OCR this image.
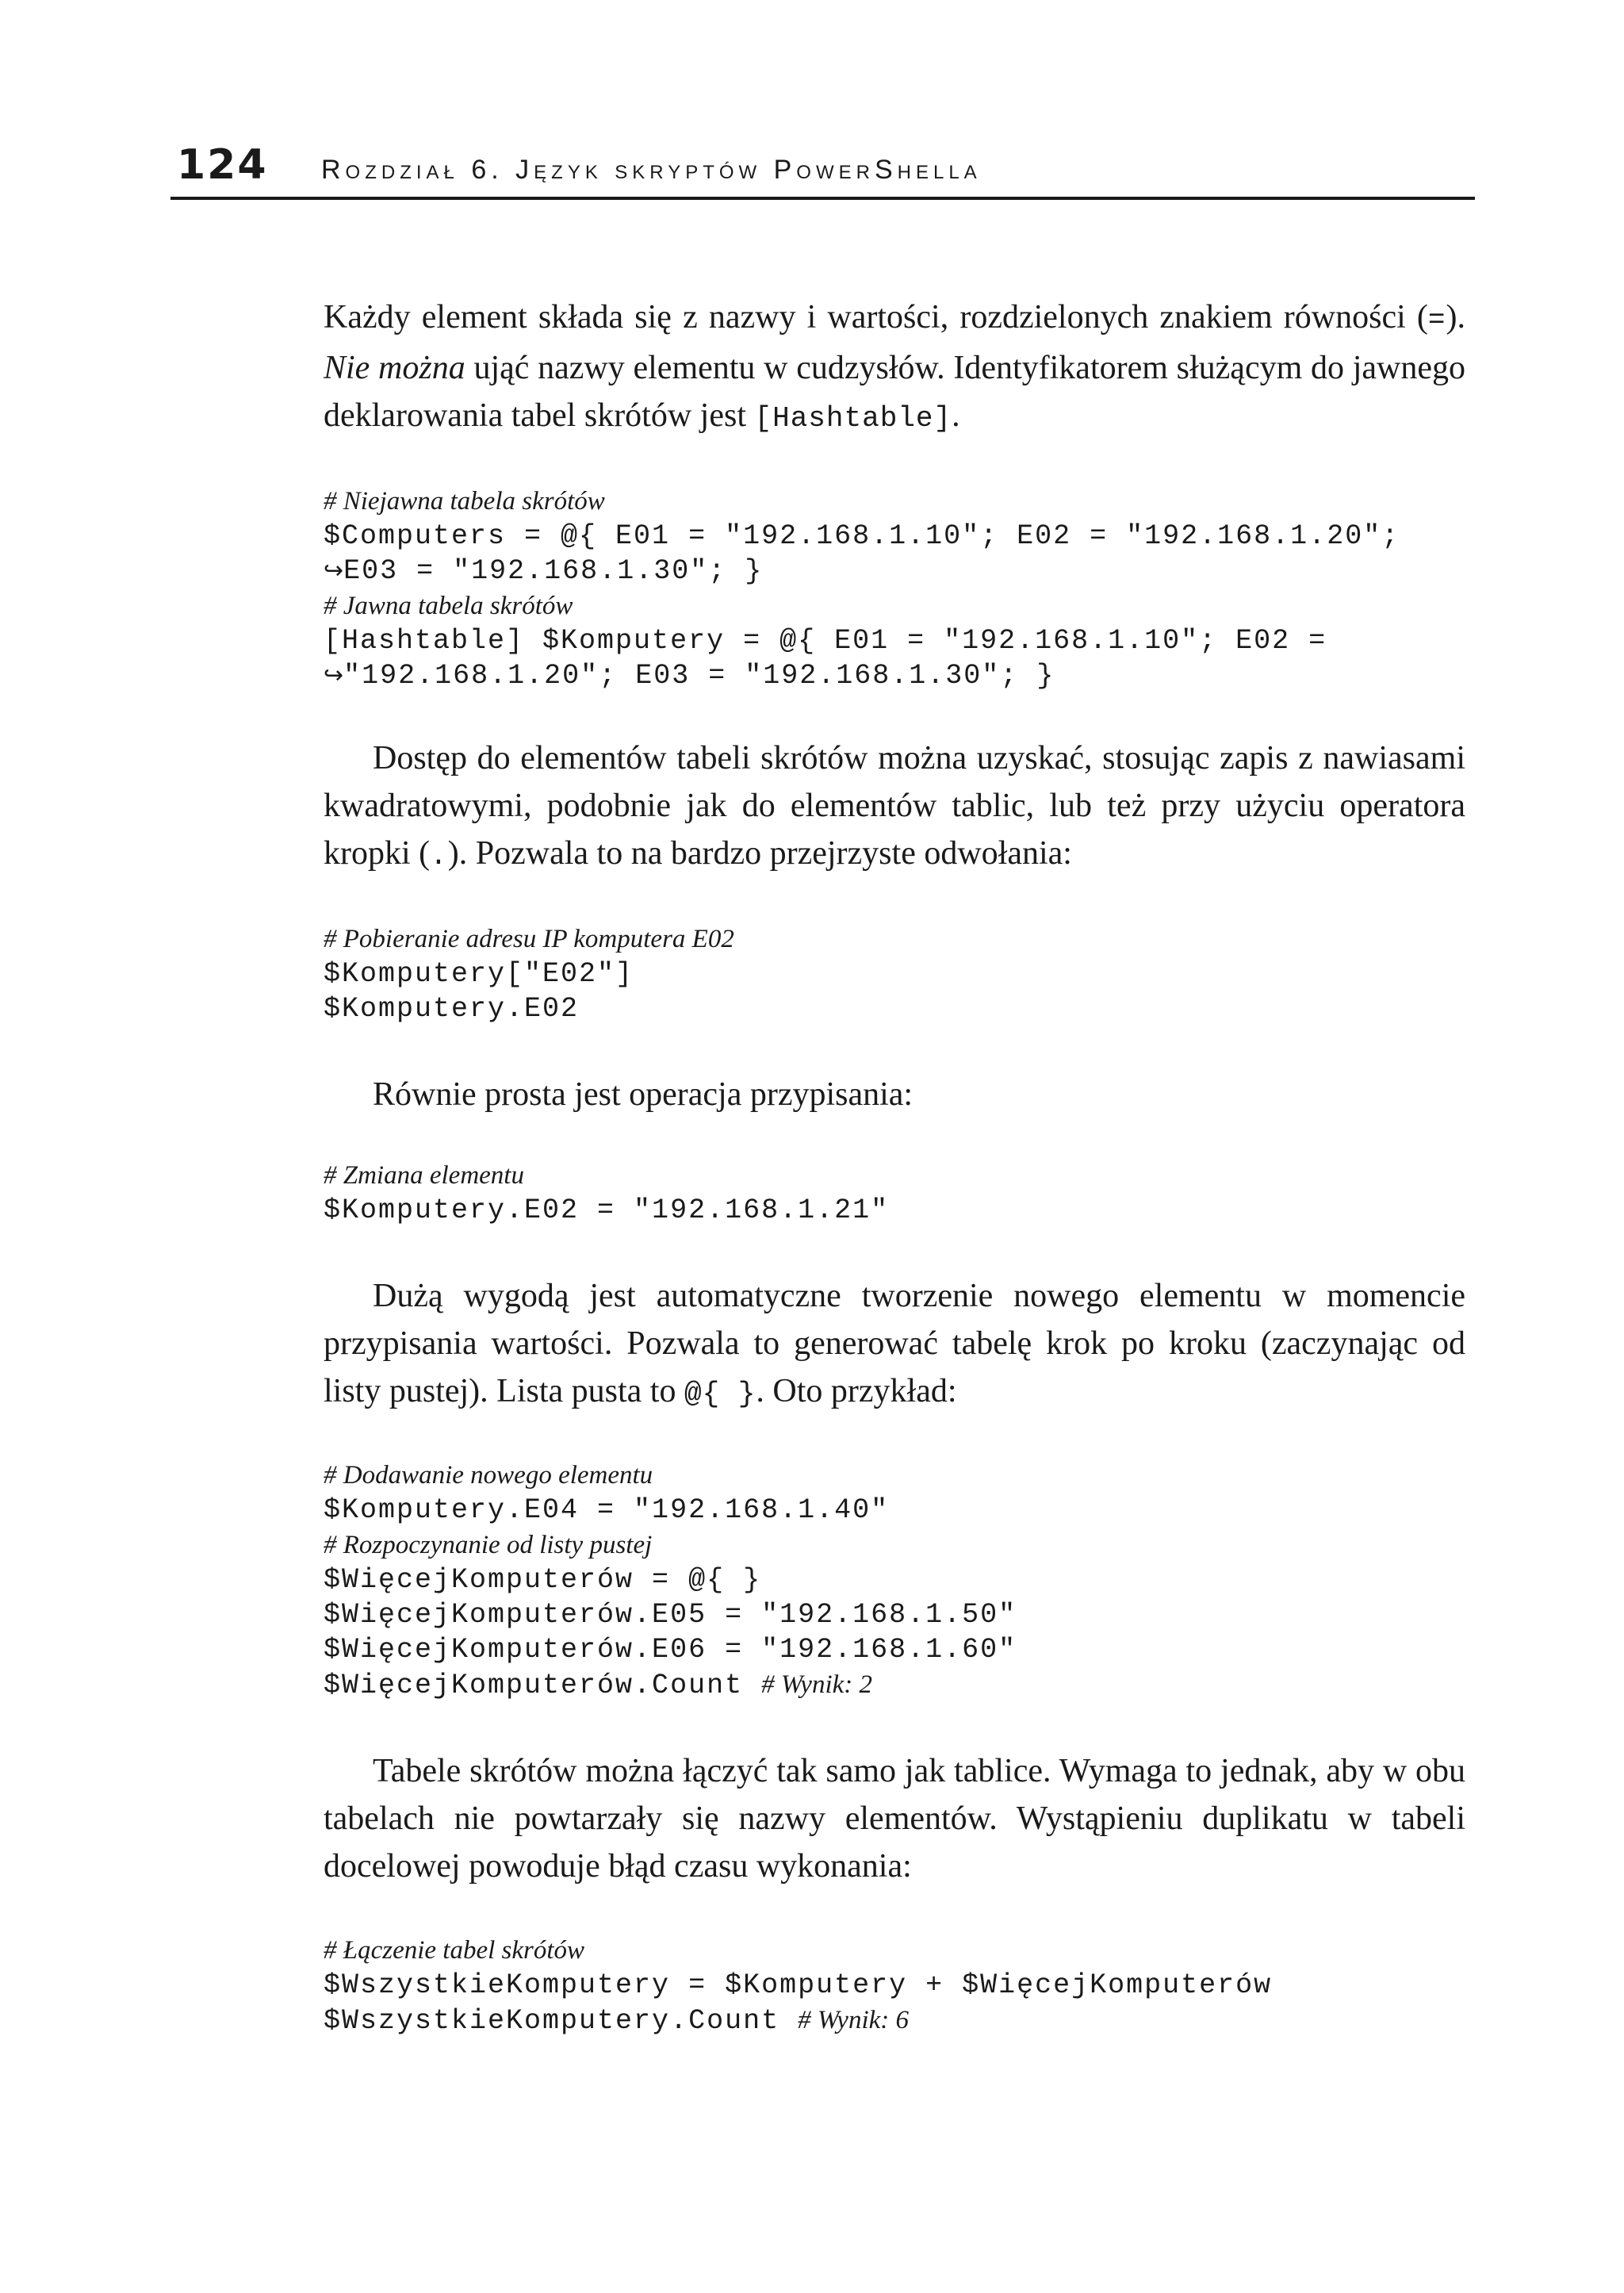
124 Rozdział 6. Język skryptów PowerShella

Każdy element składa się z nazwy i wartości, rozdzielonych znakiem równości (=). Nie można ująć nazwy elementu w cudzysłów. Identyfikatorem służącym do jawnego deklarowania tabel skrótów jest [Hashtable].

# Niejawna tabela skrótów
$Computers = @{ E01 = "192.168.1.10"; E02 = "192.168.1.20";
↪E03 = "192.168.1.30"; }
# Jawna tabela skrótów
[Hashtable] $Komputery = @{ E01 = "192.168.1.10"; E02 =
↪"192.168.1.20"; E03 = "192.168.1.30"; }

Dostęp do elementów tabeli skrótów można uzyskać, stosując zapis z nawiasami kwadratowymi, podobnie jak do elementów tablic, lub też przy użyciu operatora kropki (.). Pozwala to na bardzo przejrzyste odwołania:

# Pobieranie adresu IP komputera E02
$Komputery["E02"]
$Komputery.E02

Równie prosta jest operacja przypisania:

# Zmiana elementu
$Komputery.E02 = "192.168.1.21"

Dużą wygodą jest automatyczne tworzenie nowego elementu w momencie przypisania wartości. Pozwala to generować tabelę krok po kroku (zaczynając od listy pustej). Lista pusta to @{ }. Oto przykład:

# Dodawanie nowego elementu
$Komputery.E04 = "192.168.1.40"
# Rozpoczynanie od listy pustej
$WięcejKomputerów = @{ }
$WięcejKomputerów.E05 = "192.168.1.50"
$WięcejKomputerów.E06 = "192.168.1.60"
$WięcejKomputerów.Count # Wynik: 2

Tabele skrótów można łączyć tak samo jak tablice. Wymaga to jednak, aby w obu tabelach nie powtarzały się nazwy elementów. Wystąpieniu duplikatu w tabeli docelowej powoduje błąd czasu wykonania:

# Łączenie tabel skrótów
$WszystkieKomputery = $Komputery + $WięcejKomputerów
$WszystkieKomputery.Count # Wynik: 6
